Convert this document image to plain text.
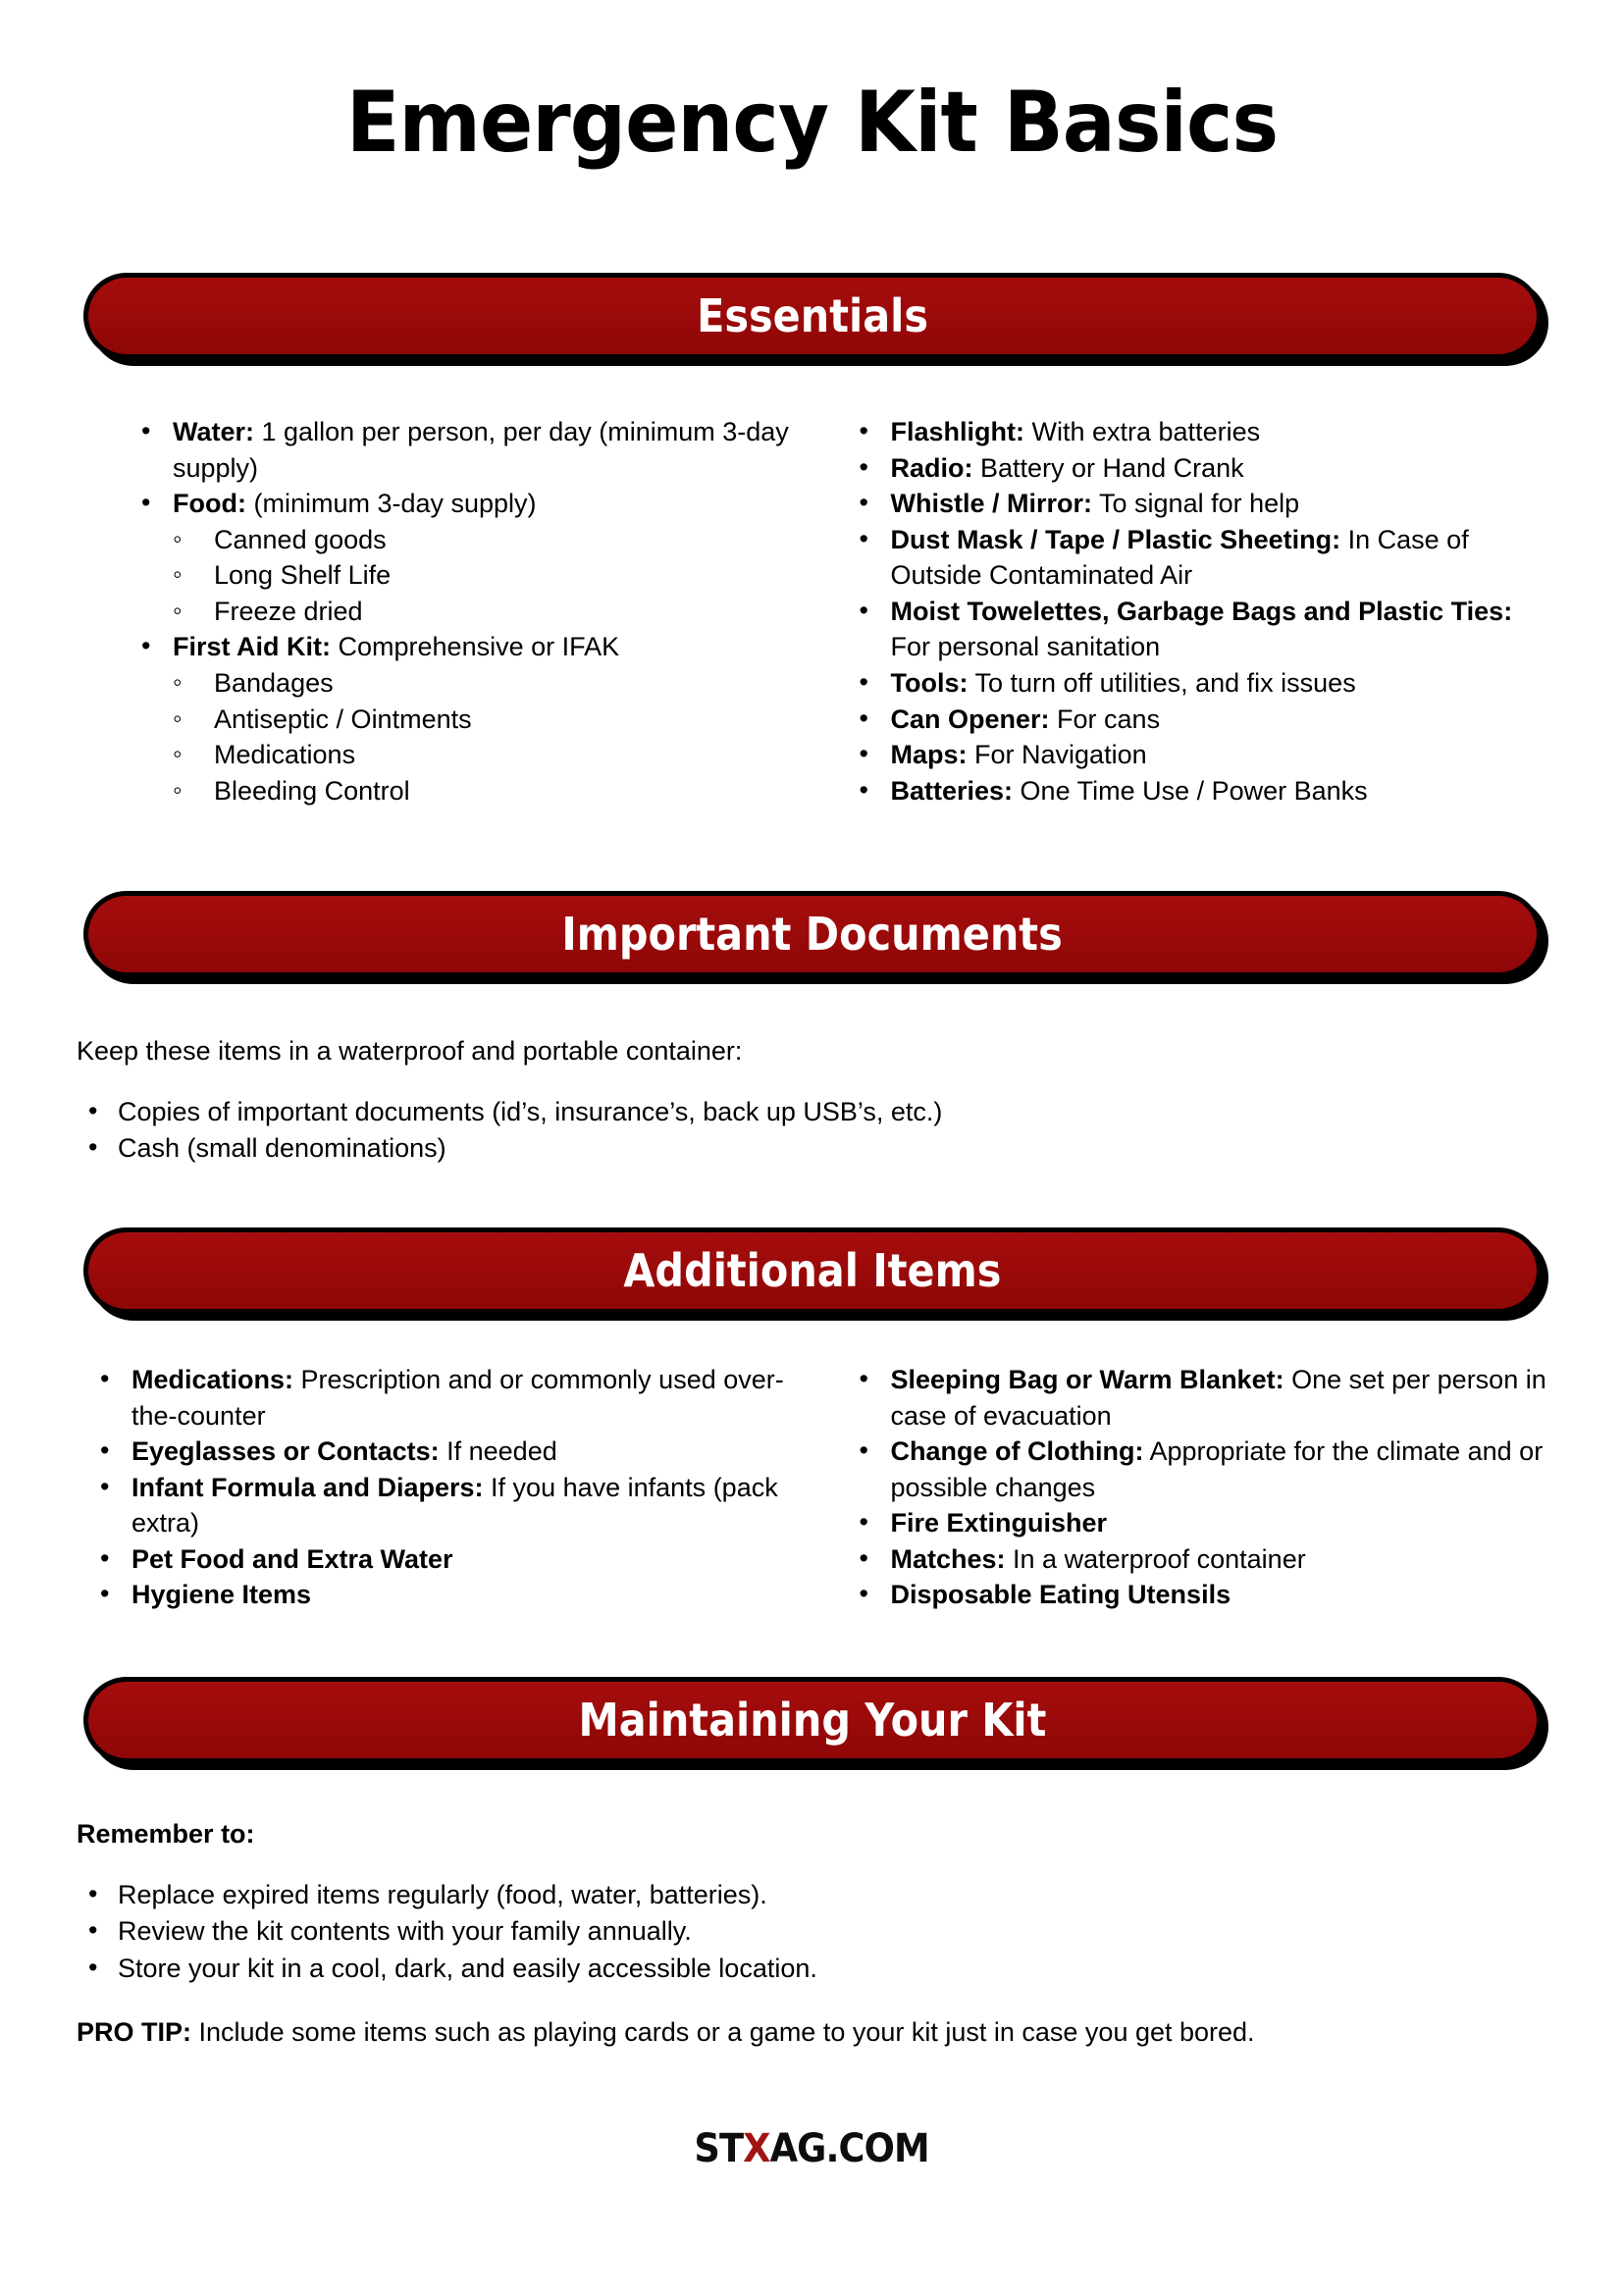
Emergency Kit Basics
Essentials
• Water: 1 gallon per person, per day (minimum 3-day supply)
• Food: (minimum 3-day supply)
◦ Canned goods
◦ Long Shelf Life
◦ Freeze dried
• First Aid Kit: Comprehensive or IFAK
◦ Bandages
◦ Antiseptic / Ointments
◦ Medications
◦ Bleeding Control
• Flashlight: With extra batteries
• Radio: Battery or Hand Crank
• Whistle / Mirror: To signal for help
• Dust Mask / Tape / Plastic Sheeting: In Case of Outside Contaminated Air
• Moist Towelettes, Garbage Bags and Plastic Ties: For personal sanitation
• Tools: To turn off utilities, and fix issues
• Can Opener: For cans
• Maps: For Navigation
• Batteries: One Time Use / Power Banks
Important Documents
Keep these items in a waterproof and portable container:
• Copies of important documents (id’s, insurance’s, back up USB’s, etc.)
• Cash (small denominations)
Additional Items
• Medications: Prescription and or commonly used over-the-counter
• Eyeglasses or Contacts: If needed
• Infant Formula and Diapers: If you have infants (pack extra)
• Pet Food and Extra Water
• Hygiene Items
• Sleeping Bag or Warm Blanket: One set per person in case of evacuation
• Change of Clothing: Appropriate for the climate and or possible changes
• Fire Extinguisher
• Matches: In a waterproof container
• Disposable Eating Utensils
Maintaining Your Kit
Remember to:
• Replace expired items regularly (food, water, batteries).
• Review the kit contents with your family annually.
• Store your kit in a cool, dark, and easily accessible location.
PRO TIP: Include some items such as playing cards or a game to your kit just in case you get bored.
STXAG.COM
